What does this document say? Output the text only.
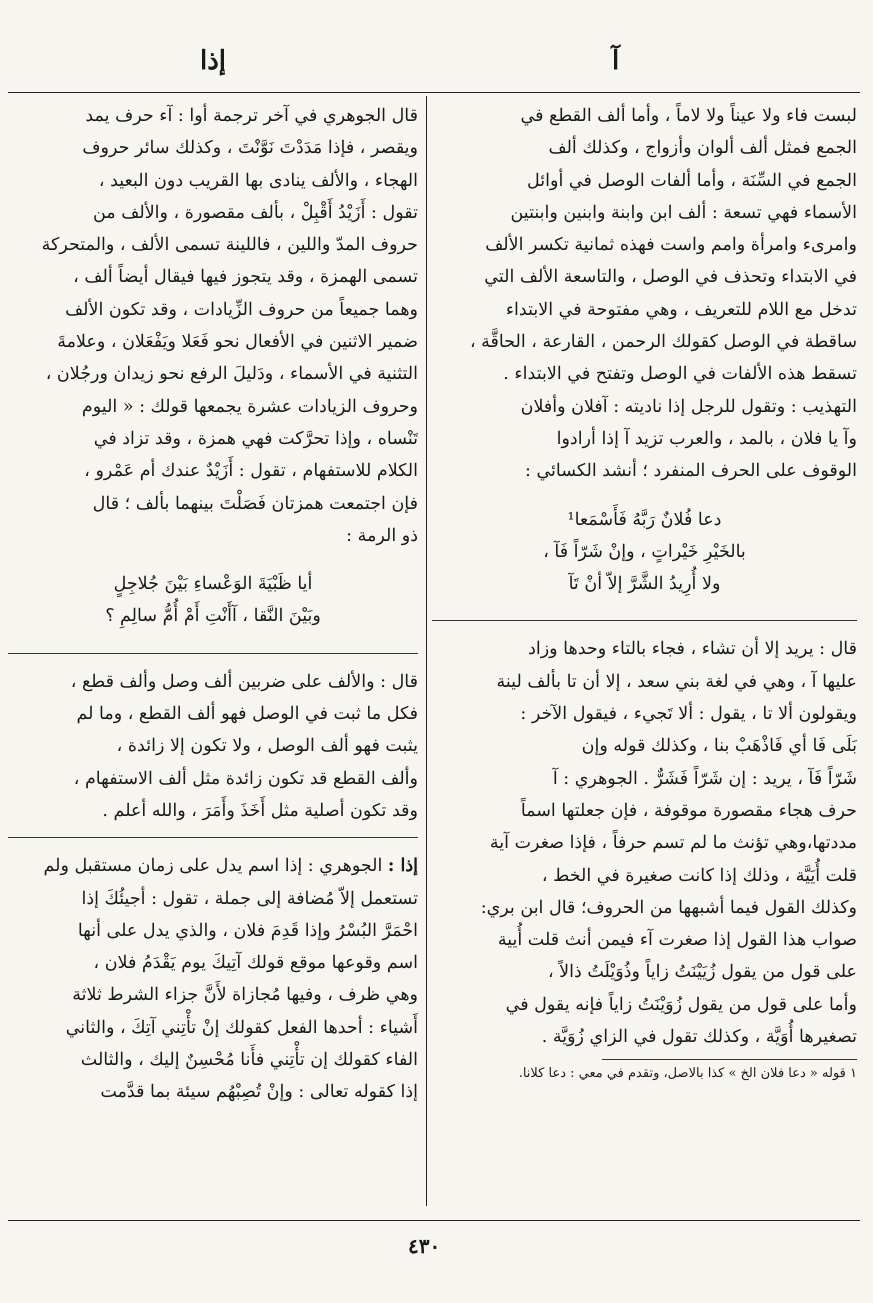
إذا	آ
لبست فاء ولا عيناً ولا لاماً ، وأما ألف القطع في
الجمع فمثل ألف ألوان وأزواج ، وكذلك ألف
الجمع في السِّنَة ، وأما ألفات الوصل في أوائل
الأسماء فهي تسعة : ألف ابن وابنة وابنين وابنتين
وامرىء وامرأة وامم واست فهذه ثمانية تكسر الألف
في الابتداء وتحذف في الوصل ، والتاسعة الألف التي
تدخل مع اللام للتعريف ، وهي مفتوحة في الابتداء
ساقطة في الوصل كقولك الرحمن ، القارعة ، الحاقَّة ،
تسقط هذه الألفات في الوصل وتفتح في الابتداء .
التهذيب : وتقول للرجل إذا ناديته : آفلان وأفلان
وآ يا فلان ، بالمد ، والعرب تزيد آ إذا أرادوا
الوقوف على الحرف المنفرد ؛ أنشد الكسائي :
دعا فُلانٌ رَبَّهُ فَأَسْمَعا¹
بالخَيْرِ خَيْراتٍ ، وإنْ شَرّاً فَآ ،
ولا أُرِيدُ الشَّرَّ إلاّ أنْ تَآ
قال : يريد إلا أن تشاء ، فجاء بالتاء وحدها وزاد
عليها آ ، وهي في لغة بني سعد ، إلا أن تا بألف لينة
ويقولون ألا تا ، يقول : ألا تَجيء ، فيقول الآخر :
بَلَى فَا أي فَاذْهَبْ بنا ، وكذلك قوله وإن
شَرّاً فَآ ، يريد : إن شَرّاً فَشَرٌّ . الجوهري : آ
حرف هجاء مقصورة موقوفة ، فإن جعلتها اسماً
مددتها،وهي تؤنث ما لم تسم حرفاً ، فإذا صغرت آية
قلت أُيَيَّة ، وذلك إذا كانت صغيرة في الخط ،
وكذلك القول فيما أشبهها من الحروف؛ قال ابن بري:
صواب هذا القول إذا صغرت آء فيمن أنث قلت أُيية
على قول من يقول زُيَيْنَتُ زاياً وذُوَيْلَتُ ذالاً ،
وأما على قول من يقول زُوَيْنَتُ زاياً فإنه يقول في
تصغيرها أُوَيَّة ، وكذلك تقول في الزاي زُوَيَّة .
١ قوله « دعا فلان الخ » كذا بالاصل، وتقدم في معي : دعا كلانا.
قال الجوهري في آخر ترجمة أوا : آء حرف يمد
ويقصر ، فإذا مَدَدْتَ نَوَّنْتَ ، وكذلك سائر حروف
الهجاء ، والألف ينادى بها القريب دون البعيد ،
تقول : أَزَيْدُ أَقْبِلْ ، بألف مقصورة ، والألف من
حروف المدّ واللين ، فاللينة تسمى الألف ، والمتحركة
تسمى الهمزة ، وقد يتجوز فيها فيقال أيضاً ألف ،
وهما جميعاً من حروف الزِّيادات ، وقد تكون الألف
ضمير الاثنين في الأفعال نحو فَعَلا ويَفْعَلان ، وعلامةَ
التثنية في الأسماء ، ودَليلَ الرفع نحو زيدان ورجُلان ،
وحروف الزيادات عشرة يجمعها قولك : « اليوم
تَنْساه ، وإذا تحرَّكت فهي همزة ، وقد تزاد في
الكلام للاستفهام ، تقول : أَزَيْدٌ عندك أم عَمْرو ،
فإن اجتمعت همزتان فَصَلْتَ بينهما بألف ؛ قال
ذو الرمة :
أيا ظَبْيَةَ الوَعْساءِ بَيْنَ جُلاجِلٍ
وبَيْنَ النَّقا ، آأَنْتِ أَمْ أُمُّ سالِمِ ؟
قال : والألف على ضربين ألف وصل وألف قطع ،
فكل ما ثبت في الوصل فهو ألف القطع ، وما لم
يثبت فهو ألف الوصل ، ولا تكون إلا زائدة ،
وألف القطع قد تكون زائدة مثل ألف الاستفهام ،
وقد تكون أصلية مثل أَخَذَ وأَمَرَ ، والله أعلم .
إذا : الجوهري : إذا اسم يدل على زمان مستقبل ولم
تستعمل إلاّ مُضافة إلى جملة ، تقول : أجيئُكَ إذا
احْمَرَّ البُسْرُ وإذا قَدِمَ فلان ، والذي يدل على أنها
اسم وقوعها موقع قولك آتِيكَ يوم يَقْدَمُ فلان ،
وهي ظرف ، وفيها مُجازاة لأَنَّ جزاء الشرط ثلاثة
أَشياء : أحدها الفعل كقولك إنْ تأْتِني آتِكَ ، والثاني
الفاء كقولك إن تأْتِني فأَنا مُحْسِنٌ إليك ، والثالث
إذا كقوله تعالى : وإنْ تُصِبْهُم سيئة بما قدَّمت
٤٣٠
